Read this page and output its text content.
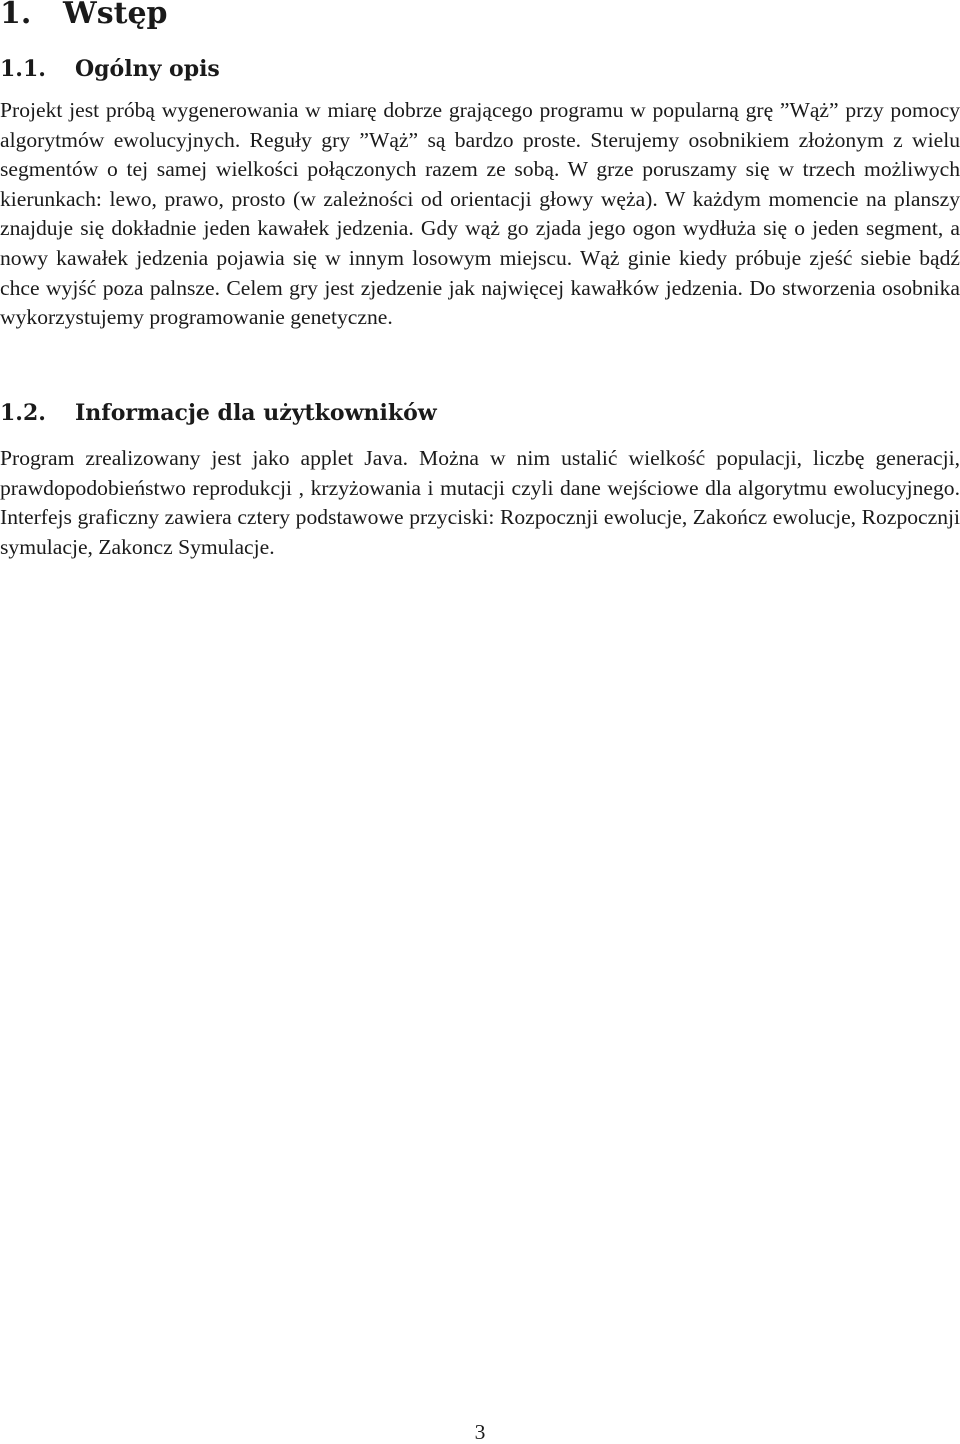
1. Wstęp
1.1. Ogólny opis

Projekt jest próbą wygenerowania w miarę dobrze grającego programu w popularną grę ”Wąż” przy pomocy algorytmów ewolucyjnych. Reguły gry ”Wąż” są bardzo proste. Sterujemy osobnikiem złożonym z wielu segmentów o tej samej wielkości połączonych razem ze sobą. W grze poruszamy się w trzech możliwych kierunkach: lewo, prawo, prosto (w zależności od orientacji głowy węża). W każdym momencie na planszy znajduje się dokładnie jeden kawałek jedzenia. Gdy wąż go zjada jego ogon wydłuża się o jeden segment, a nowy kawałek jedzenia pojawia się w innym losowym miejscu. Wąż ginie kiedy próbuje zjeść siebie bądź chce wyjść poza palnsze. Celem gry jest zjedzenie jak najwięcej kawałków jedzenia. Do stworzenia osobnika wykorzystujemy programowanie genetyczne.

1.2. Informacje dla użytkowników

Program zrealizowany jest jako applet Java. Można w nim ustalić wielkość populacji, liczbę generacji, prawdopodobieństwo reprodukcji , krzyżowania i mutacji czyli dane wejściowe dla algorytmu ewolucyjnego. Interfejs graficzny zawiera cztery podstawowe przyciski: Rozpocznji ewolucje, Zakończ ewolucje, Rozpocznji symulacje, Zakoncz Symulacje.

3
